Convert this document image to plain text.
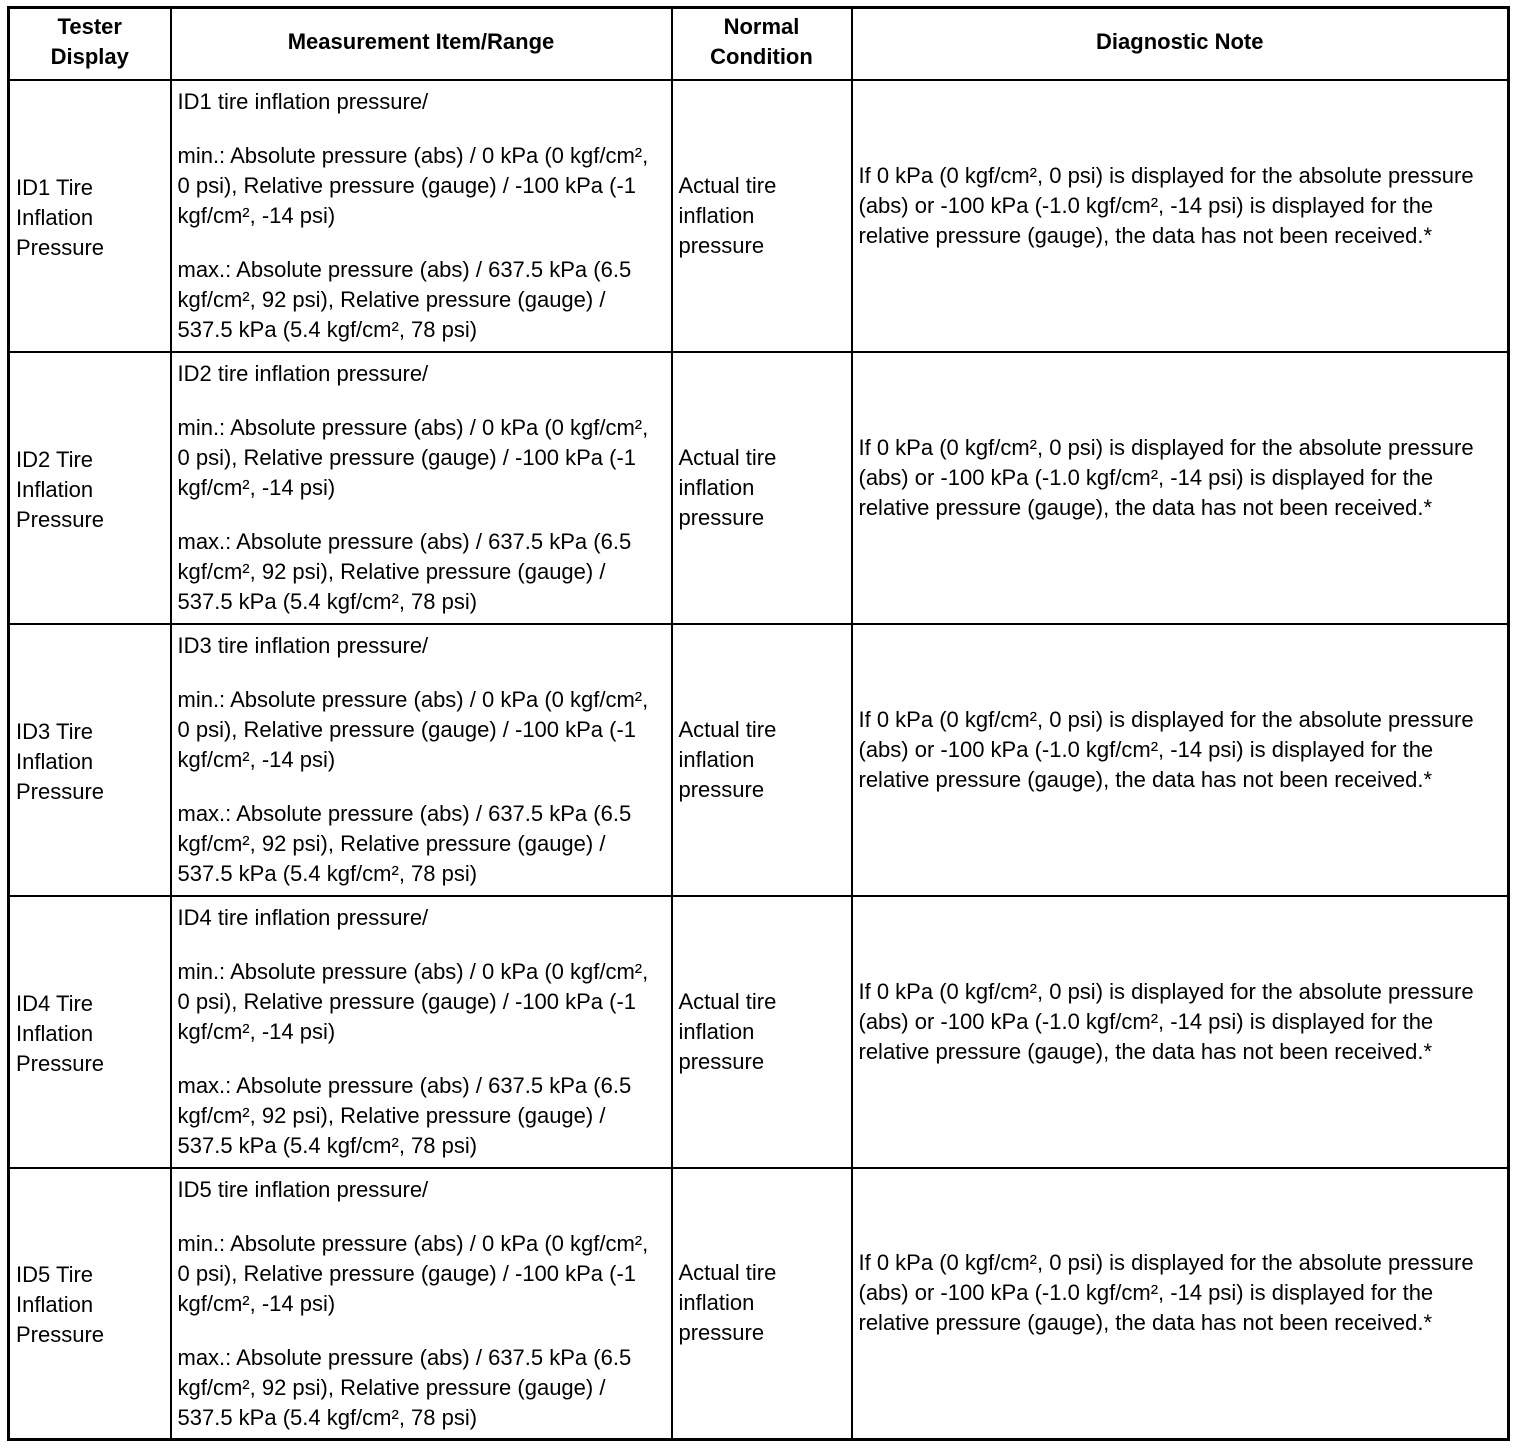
Tester Display	Measurement Item/Range	Normal Condition	Diagnostic Note
ID1 Tire Inflation Pressure	ID1 tire inflation pressure/
min.: Absolute pressure (abs) / 0 kPa (0 kgf/cm², 0 psi), Relative pressure (gauge) / -100 kPa (-1 kgf/cm², -14 psi)
max.: Absolute pressure (abs) / 637.5 kPa (6.5 kgf/cm², 92 psi), Relative pressure (gauge) / 537.5 kPa (5.4 kgf/cm², 78 psi)	Actual tire inflation pressure	If 0 kPa (0 kgf/cm², 0 psi) is displayed for the absolute pressure (abs) or -100 kPa (-1.0 kgf/cm², -14 psi) is displayed for the relative pressure (gauge), the data has not been received.*
ID2 Tire Inflation Pressure	ID2 tire inflation pressure/
min.: Absolute pressure (abs) / 0 kPa (0 kgf/cm², 0 psi), Relative pressure (gauge) / -100 kPa (-1 kgf/cm², -14 psi)
max.: Absolute pressure (abs) / 637.5 kPa (6.5 kgf/cm², 92 psi), Relative pressure (gauge) / 537.5 kPa (5.4 kgf/cm², 78 psi)	Actual tire inflation pressure	If 0 kPa (0 kgf/cm², 0 psi) is displayed for the absolute pressure (abs) or -100 kPa (-1.0 kgf/cm², -14 psi) is displayed for the relative pressure (gauge), the data has not been received.*
ID3 Tire Inflation Pressure	ID3 tire inflation pressure/
min.: Absolute pressure (abs) / 0 kPa (0 kgf/cm², 0 psi), Relative pressure (gauge) / -100 kPa (-1 kgf/cm², -14 psi)
max.: Absolute pressure (abs) / 637.5 kPa (6.5 kgf/cm², 92 psi), Relative pressure (gauge) / 537.5 kPa (5.4 kgf/cm², 78 psi)	Actual tire inflation pressure	If 0 kPa (0 kgf/cm², 0 psi) is displayed for the absolute pressure (abs) or -100 kPa (-1.0 kgf/cm², -14 psi) is displayed for the relative pressure (gauge), the data has not been received.*
ID4 Tire Inflation Pressure	ID4 tire inflation pressure/
min.: Absolute pressure (abs) / 0 kPa (0 kgf/cm², 0 psi), Relative pressure (gauge) / -100 kPa (-1 kgf/cm², -14 psi)
max.: Absolute pressure (abs) / 637.5 kPa (6.5 kgf/cm², 92 psi), Relative pressure (gauge) / 537.5 kPa (5.4 kgf/cm², 78 psi)	Actual tire inflation pressure	If 0 kPa (0 kgf/cm², 0 psi) is displayed for the absolute pressure (abs) or -100 kPa (-1.0 kgf/cm², -14 psi) is displayed for the relative pressure (gauge), the data has not been received.*
ID5 Tire Inflation Pressure	ID5 tire inflation pressure/
min.: Absolute pressure (abs) / 0 kPa (0 kgf/cm², 0 psi), Relative pressure (gauge) / -100 kPa (-1 kgf/cm², -14 psi)
max.: Absolute pressure (abs) / 637.5 kPa (6.5 kgf/cm², 92 psi), Relative pressure (gauge) / 537.5 kPa (5.4 kgf/cm², 78 psi)	Actual tire inflation pressure	If 0 kPa (0 kgf/cm², 0 psi) is displayed for the absolute pressure (abs) or -100 kPa (-1.0 kgf/cm², -14 psi) is displayed for the relative pressure (gauge), the data has not been received.*
